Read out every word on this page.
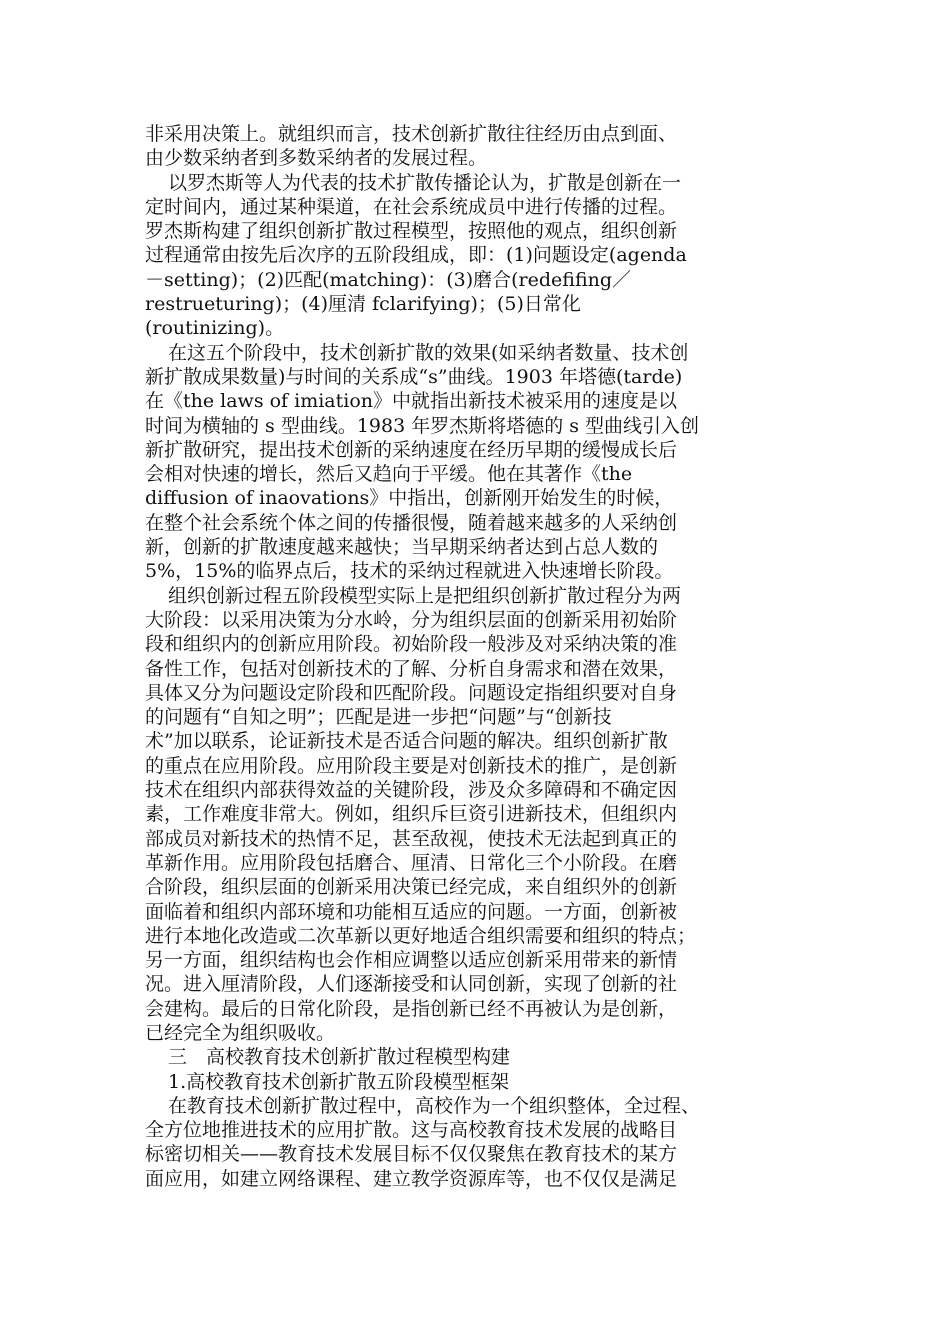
非采用决策上。就组织而言，技术创新扩散往往经历由点到面、
由少数采纳者到多数采纳者的发展过程。
以罗杰斯等人为代表的技术扩散传播论认为，扩散是创新在一
定时间内，通过某种渠道，在社会系统成员中进行传播的过程。
罗杰斯构建了组织创新扩散过程模型，按照他的观点，组织创新
过程通常由按先后次序的五阶段组成，即：(1)问题设定(agenda
－setting)；(2)匹配(matching)：(3)磨合(redefifing／
restrueturing)；(4)厘清 fclarifying)；(5)日常化
(routinizing)。
在这五个阶段中，技术创新扩散的效果(如采纳者数量、技术创
新扩散成果数量)与时间的关系成“s”曲线。1903 年塔德(tarde)
在《the laws of imiation》中就指出新技术被采用的速度是以
时间为横轴的 s 型曲线。1983 年罗杰斯将塔德的 s 型曲线引入创
新扩散研究，提出技术创新的采纳速度在经历早期的缓慢成长后
会相对快速的增长，然后又趋向于平缓。他在其著作《the
diffusion of inaovations》中指出，创新刚开始发生的时候，
在整个社会系统个体之间的传播很慢，随着越来越多的人采纳创
新，创新的扩散速度越来越快；当早期采纳者达到占总人数的
5%，15%的临界点后，技术的采纳过程就进入快速增长阶段。
组织创新过程五阶段模型实际上是把组织创新扩散过程分为两
大阶段：以采用决策为分水岭，分为组织层面的创新采用初始阶
段和组织内的创新应用阶段。初始阶段一般涉及对采纳决策的准
备性工作，包括对创新技术的了解、分析自身需求和潜在效果，
具体又分为问题设定阶段和匹配阶段。问题设定指组织要对自身
的问题有“自知之明”；匹配是进一步把“问题”与“创新技
术”加以联系，论证新技术是否适合问题的解决。组织创新扩散
的重点在应用阶段。应用阶段主要是对创新技术的推广，是创新
技术在组织内部获得效益的关键阶段，涉及众多障碍和不确定因
素，工作难度非常大。例如，组织斥巨资引进新技术，但组织内
部成员对新技术的热情不足，甚至敌视，使技术无法起到真正的
革新作用。应用阶段包括磨合、厘清、日常化三个小阶段。在磨
合阶段，组织层面的创新采用决策已经完成，来自组织外的创新
面临着和组织内部环境和功能相互适应的问题。一方面，创新被
进行本地化改造或二次革新以更好地适合组织需要和组织的特点；
另一方面，组织结构也会作相应调整以适应创新采用带来的新情
况。进入厘清阶段，人们逐渐接受和认同创新，实现了创新的社
会建构。最后的日常化阶段，是指创新已经不再被认为是创新，
已经完全为组织吸收。
三　高校教育技术创新扩散过程模型构建
1.高校教育技术创新扩散五阶段模型框架
在教育技术创新扩散过程中，高校作为一个组织整体，全过程、
全方位地推进技术的应用扩散。这与高校教育技术发展的战略目
标密切相关——教育技术发展目标不仅仅聚焦在教育技术的某方
面应用，如建立网络课程、建立教学资源库等，也不仅仅是满足
